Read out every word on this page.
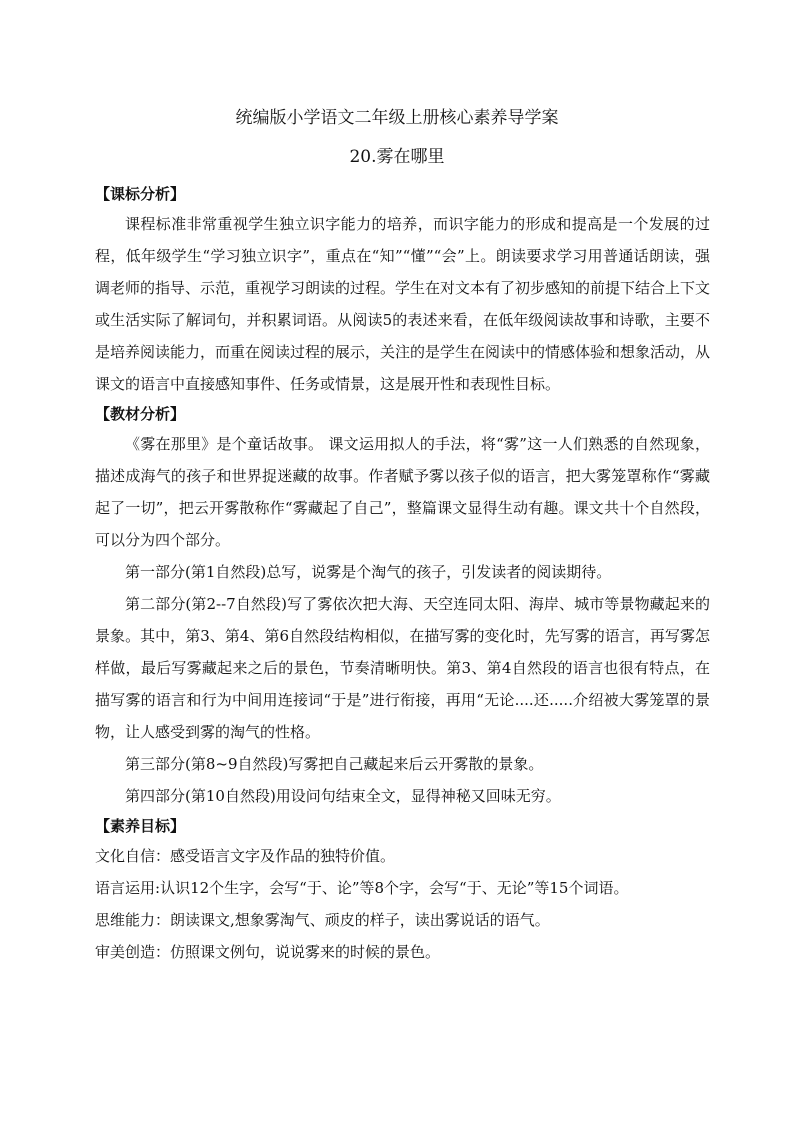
统编版小学语文二年级上册核心素养导学案
20.雾在哪里

【课标分析】

课程标准非常重视学生独立识字能力的培养，而识字能力的形成和提高是一个发展的过程，低年级学生“学习独立识字”，重点在“知”“懂”“会”上。朗读要求学习用普通话朗读，强调老师的指导、示范，重视学习朗读的过程。学生在对文本有了初步感知的前提下结合上下文或生活实际了解词句，并积累词语。从阅读5的表述来看，在低年级阅读故事和诗歌，主要不是培养阅读能力，而重在阅读过程的展示，关注的是学生在阅读中的情感体验和想象活动，从课文的语言中直接感知事件、任务或情景，这是展开性和表现性目标。

【教材分析】

《雾在那里》是个童话故事。 课文运用拟人的手法，将“雾”这一人们熟悉的自然现象，描述成海气的孩子和世界捉迷藏的故事。作者赋予雾以孩子似的语言，把大雾笼罩称作“雾藏起了一切”，把云开雾散称作“雾藏起了自己”，整篇课文显得生动有趣。课文共十个自然段，可以分为四个部分。

第一部分(第1自然段)总写，说雾是个淘气的孩子，引发读者的阅读期待。

第二部分(第2--7自然段)写了雾依次把大海、天空连同太阳、海岸、城市等景物藏起来的景象。其中，第3、第4、第6自然段结构相似，在描写雾的变化时，先写雾的语言，再写雾怎样做，最后写雾藏起来之后的景色，节奏清晰明快。第3、第4自然段的语言也很有特点，在描写雾的语言和行为中间用连接词“于是”进行衔接，再用“无论....还.....介绍被大雾笼罩的景物，让人感受到雾的淘气的性格。

第三部分(第8~9自然段)写雾把自己藏起来后云开雾散的景象。

第四部分(第10自然段)用设问句结束全文，显得神秘又回味无穷。

【素养目标】

文化自信：感受语言文字及作品的独特价值。

语言运用:认识12个生字，会写“于、论”等8个字，会写“于、无论”等15个词语。

思维能力：朗读课文,想象雾淘气、顽皮的样子，读出雾说话的语气。

审美创造：仿照课文例句，说说雾来的时候的景色。
